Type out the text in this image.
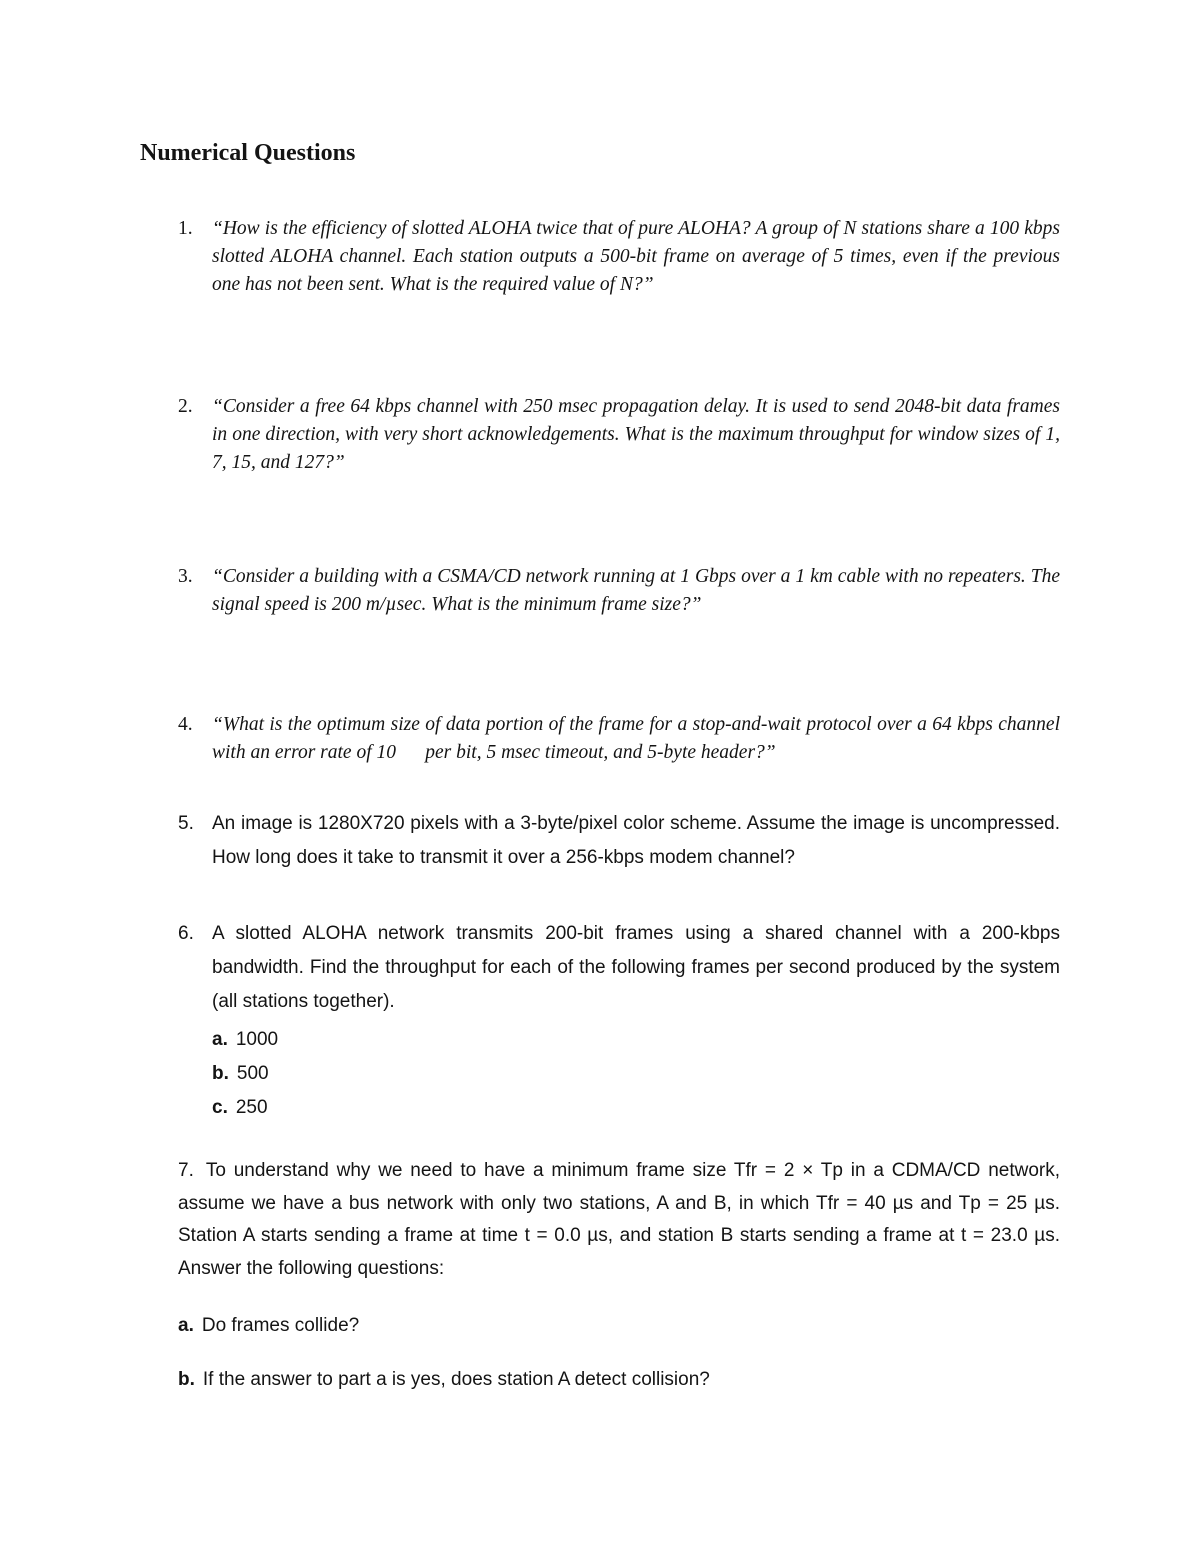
Numerical Questions
1. “How is the efficiency of slotted ALOHA twice that of pure ALOHA? A group of N stations share a 100 kbps slotted ALOHA channel. Each station outputs a 500-bit frame on average of 5 times, even if the previous one has not been sent. What is the required value of N?”
2. “Consider a free 64 kbps channel with 250 msec propagation delay. It is used to send 2048-bit data frames in one direction, with very short acknowledgements. What is the maximum throughput for window sizes of 1, 7, 15, and 127?”
3. “Consider a building with a CSMA/CD network running at 1 Gbps over a 1 km cable with no repeaters. The signal speed is 200 m/µsec. What is the minimum frame size?”
4. “What is the optimum size of data portion of the frame for a stop-and-wait protocol over a 64 kbps channel with an error rate of 10      per bit, 5 msec timeout, and 5-byte header?”
5. An image is 1280X720 pixels with a 3-byte/pixel color scheme. Assume the image is uncompressed. How long does it take to transmit it over a 256-kbps modem channel?
6. A slotted ALOHA network transmits 200-bit frames using a shared channel with a 200-kbps bandwidth. Find the throughput for each of the following frames per second produced by the system (all stations together).
a. 1000
b. 500
c. 250

7. To understand why we need to have a minimum frame size Tfr = 2 × Tp in a CDMA/CD network, assume we have a bus network with only two stations, A and B, in which Tfr = 40 µs and Tp = 25 µs. Station A starts sending a frame at time t = 0.0 µs, and station B starts sending a frame at t = 23.0 µs. Answer the following questions:

a. Do frames collide?

b. If the answer to part a is yes, does station A detect collision?
